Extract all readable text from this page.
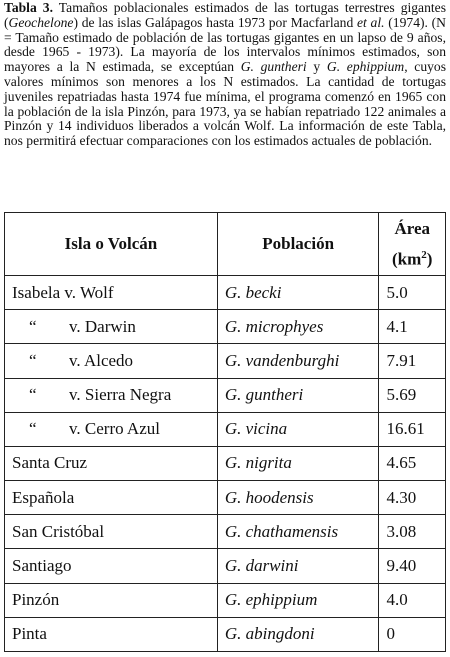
Tabla 3. Tamaños poblacionales estimados de las tortugas terrestres gigantes (Geochelone) de las islas Galápagos hasta 1973 por Macfarland et al. (1974). (N = Tamaño estimado de población de las tortugas gigantes en un lapso de 9 años, desde 1965 - 1973). La mayoría de los intervalos mínimos estimados, son mayores a la N estimada, se exceptúan G. guntheri y G. ephippium, cuyos valores mínimos son menores a los N estimados. La cantidad de tortugas juveniles repatriadas hasta 1974 fue mínima, el programa comenzó en 1965 con la población de la isla Pinzón, para 1973, ya se habían repatriado 122 animales a Pinzón y 14 individuos liberados a volcán Wolf. La información de este Tabla, nos permitirá efectuar comparaciones con los estimados actuales de población.
Isla o Volcán	Población	Área
$(km^2)$
Isabela v. Wolf	G. becki	5.0
“ v. Darwin	G. microphyes	4.1
“ v. Alcedo	G. vandenburghi	7.91
“ v. Sierra Negra	G. guntheri	5.69
“ v. Cerro Azul	G. vicina	16.61
Santa Cruz	G. nigrita	4.65
Española	G. hoodensis	4.30
San Cristóbal	G. chathamensis	3.08
Santiago	G. darwini	9.40
Pinzón	G. ephippium	4.0
Pinta	G. abingdoni	0
